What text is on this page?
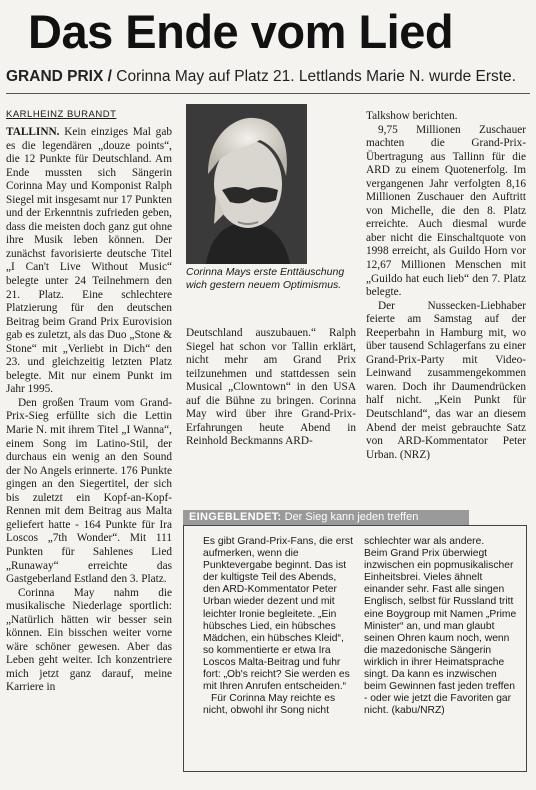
Das Ende vom Lied
GRAND PRIX / Corinna May auf Platz 21. Lettlands Marie N. wurde Erste.
KARLHEINZ BURANDT

TALLINN. Kein einziges Mal gab es die legendären „douze points“, die 12 Punkte für Deutschland. Am Ende mussten sich Sängerin Corinna May und Komponist Ralph Siegel mit insgesamt nur 17 Punkten und der Erkenntnis zufrieden geben, dass die meisten doch ganz gut ohne ihre Musik leben können. Der zunächst favorisierte deutsche Titel „I Can't Live Without Music“ belegte unter 24 Teilnehmern den 21. Platz. Eine schlechtere Platzierung für den deutschen Beitrag beim Grand Prix Eurovision gab es zuletzt, als das Duo „Stone & Stone“ mit „Verliebt in Dich“ den 23. und gleichzeitig letzten Platz belegte. Mit nur einem Punkt im Jahr 1995.

Den großen Traum vom Grand-Prix-Sieg erfüllte sich die Lettin Marie N. mit ihrem Titel „I Wanna“, einem Song im Latino-Stil, der durchaus ein wenig an den Sound der No Angels erinnerte. 176 Punkte gingen an den Siegertitel, der sich bis zuletzt ein Kopf-an-Kopf-Rennen mit dem Beitrag aus Malta geliefert hatte - 164 Punkte für Ira Loscos „7th Wonder“. Mit 111 Punkten für Sahlenes Lied „Runaway“ erreichte das Gastgeberland Estland den 3. Platz.

Corinna May nahm die musikalische Niederlage sportlich: „Natürlich hätten wir besser sein können. Ein bisschen weiter vorne wäre schöner gewesen. Aber das Leben geht weiter. Ich konzentriere mich jetzt ganz darauf, meine Karriere in

Corinna Mays erste Enttäuschung wich gestern neuem Optimismus.

Deutschland auszubauen.“ Ralph Siegel hat schon vor Tallin erklärt, nicht mehr am Grand Prix teilzunehmen und stattdessen sein Musical „Clowntown“ in den USA auf die Bühne zu bringen. Corinna May wird über ihre Grand-Prix-Erfahrungen heute Abend in Reinhold Beckmanns ARD-

Talkshow berichten.

9,75 Millionen Zuschauer machten die Grand-Prix-Übertragung aus Tallinn für die ARD zu einem Quotenerfolg. Im vergangenen Jahr verfolgten 8,16 Millionen Zuschauer den Auftritt von Michelle, die den 8. Platz erreichte. Auch diesmal wurde aber nicht die Einschaltquote von 1998 erreicht, als Guildo Horn vor 12,67 Millionen Menschen mit „Guildo hat euch lieb“ den 7. Platz belegte.

Der Nussecken-Liebhaber feierte am Samstag auf der Reeperbahn in Hamburg mit, wo über tausend Schlagerfans zu einer Grand-Prix-Party mit Video-Leinwand zusammengekommen waren. Doch ihr Daumendrücken half nicht. „Kein Punkt für Deutschland“, das war an diesem Abend der meist gebrauchte Satz von ARD-Kommentator Peter Urban. (NRZ)

EINGEBLENDET: Der Sieg kann jeden treffen

Es gibt Grand-Prix-Fans, die erst aufmerken, wenn die Punktevergabe beginnt. Das ist der kultigste Teil des Abends, den ARD-Kommentator Peter Urban wieder dezent und mit leichter Ironie begleitete. „Ein hübsches Lied, ein hübsches Mädchen, ein hübsches Kleid“, so kommentierte er etwa Ira Loscos Malta-Beitrag und fuhr fort: „Ob's reicht? Sie werden es mit Ihren Anrufen entscheiden.“

Für Corinna May reichte es nicht, obwohl ihr Song nicht

schlechter war als andere.

Beim Grand Prix überwiegt inzwischen ein popmusikalischer Einheitsbrei. Vieles ähnelt einander sehr. Fast alle singen Englisch, selbst für Russland tritt eine Boygroup mit Namen „Prime Minister“ an, und man glaubt seinen Ohren kaum noch, wenn die mazedonische Sängerin wirklich in ihrer Heimatsprache singt. Da kann es inzwischen beim Gewinnen fast jeden treffen - oder wie jetzt die Favoriten gar nicht. (kabu/NRZ)
